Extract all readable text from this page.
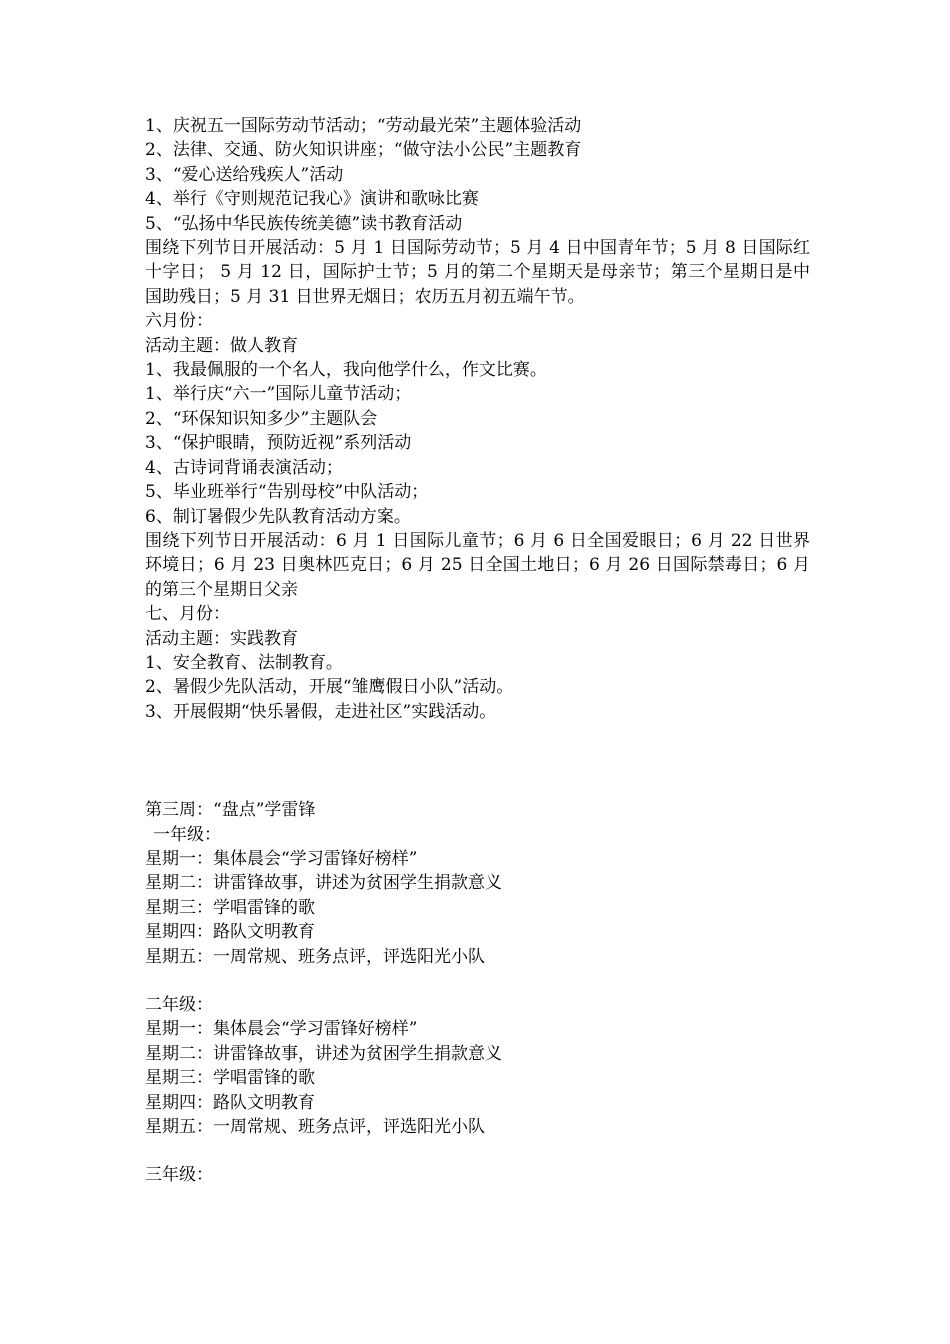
1、庆祝五一国际劳动节活动；“劳动最光荣”主题体验活动

2、法律、交通、防火知识讲座；“做守法小公民”主题教育

3、“爱心送给残疾人”活动

4、举行《守则规范记我心》演讲和歌咏比赛

5、“弘扬中华民族传统美德”读书教育活动

围绕下列节日开展活动：5 月 1 日国际劳动节；5 月 4 日中国青年节；5 月 8 日国际红十字日； 5 月 12 日，国际护士节；5 月的第二个星期天是母亲节；第三个星期日是中国助残日；5 月 31 日世界无烟日；农历五月初五端午节。

六月份：

活动主题：做人教育

1、我最佩服的一个名人，我向他学什么，作文比赛。

1、举行庆“六一”国际儿童节活动；

2、“环保知识知多少”主题队会

3、“保护眼睛，预防近视”系列活动

4、古诗词背诵表演活动；

5、毕业班举行“告别母校”中队活动；

6、制订暑假少先队教育活动方案。

围绕下列节日开展活动：6 月 1 日国际儿童节；6 月 6 日全国爱眼日；6 月 22 日世界环境日；6 月 23 日奥林匹克日；6 月 25 日全国土地日；6 月 26 日国际禁毒日；6 月的第三个星期日父亲

七、月份：

活动主题：实践教育

1、安全教育、法制教育。

2、暑假少先队活动，开展“雏鹰假日小队”活动。

3、开展假期“快乐暑假，走进社区”实践活动。

第三周：“盘点”学雷锋

一年级：

星期一：集体晨会“学习雷锋好榜样”

星期二：讲雷锋故事，讲述为贫困学生捐款意义

星期三：学唱雷锋的歌

星期四：路队文明教育

星期五：一周常规、班务点评，评选阳光小队

二年级：

星期一：集体晨会“学习雷锋好榜样”

星期二：讲雷锋故事，讲述为贫困学生捐款意义

星期三：学唱雷锋的歌

星期四：路队文明教育

星期五：一周常规、班务点评，评选阳光小队

三年级：
